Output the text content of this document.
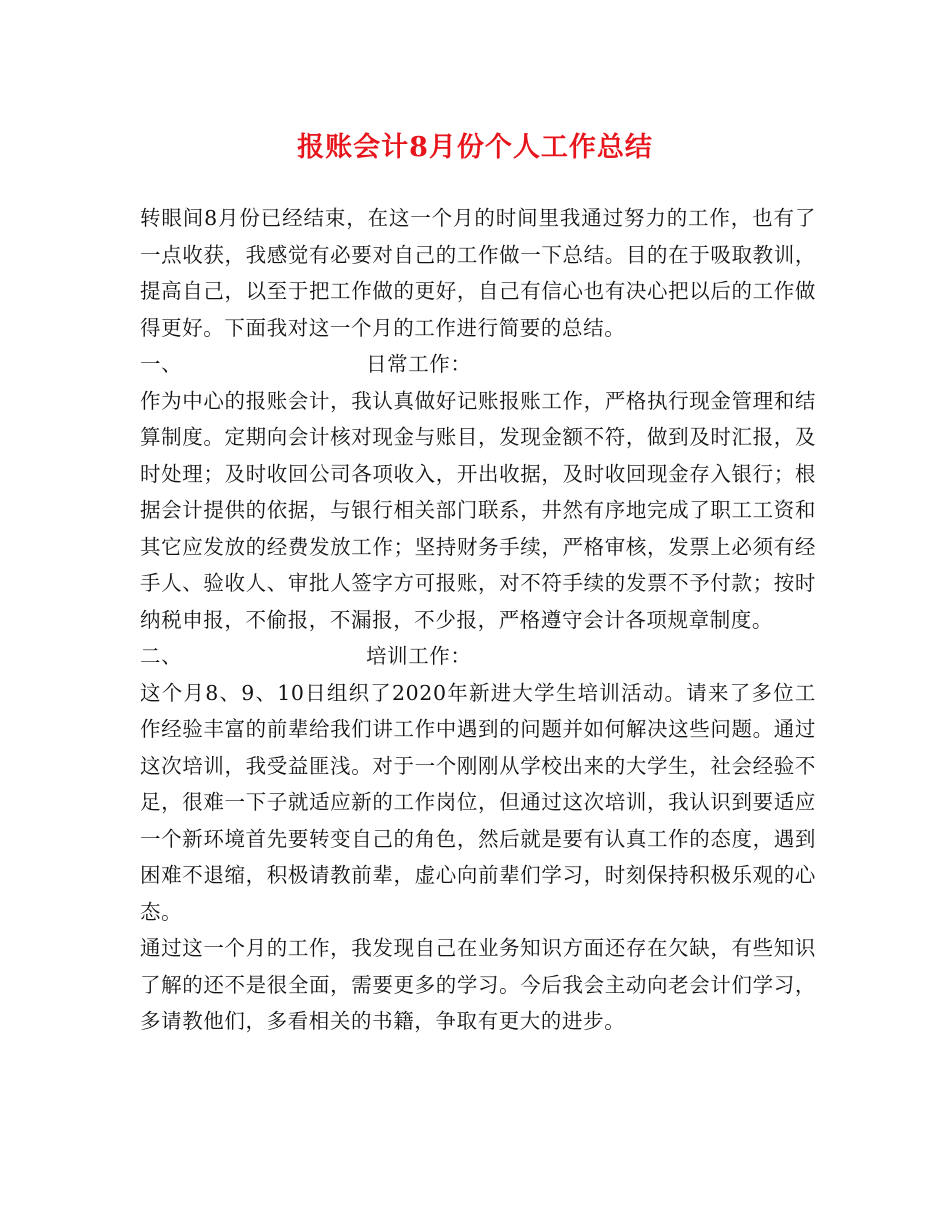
报账会计8月份个人工作总结

转眼间8月份已经结束，在这一个月的时间里我通过努力的工作，也有了一点收获，我感觉有必要对自己的工作做一下总结。目的在于吸取教训，提高自己，以至于把工作做的更好，自己有信心也有决心把以后的工作做得更好。下面我对这一个月的工作进行简要的总结。

一、	日常工作：

作为中心的报账会计，我认真做好记账报账工作，严格执行现金管理和结算制度。定期向会计核对现金与账目，发现金额不符，做到及时汇报，及时处理；及时收回公司各项收入，开出收据，及时收回现金存入银行；根据会计提供的依据，与银行相关部门联系，井然有序地完成了职工工资和其它应发放的经费发放工作；坚持财务手续，严格审核，发票上必须有经手人、验收人、审批人签字方可报账，对不符手续的发票不予付款；按时纳税申报，不偷报，不漏报，不少报，严格遵守会计各项规章制度。

二、	培训工作：

这个月8、9、10日组织了2020年新进大学生培训活动。请来了多位工作经验丰富的前辈给我们讲工作中遇到的问题并如何解决这些问题。通过这次培训，我受益匪浅。对于一个刚刚从学校出来的大学生，社会经验不足，很难一下子就适应新的工作岗位，但通过这次培训，我认识到要适应一个新环境首先要转变自己的角色，然后就是要有认真工作的态度，遇到困难不退缩，积极请教前辈，虚心向前辈们学习，时刻保持积极乐观的心态。

通过这一个月的工作，我发现自己在业务知识方面还存在欠缺，有些知识了解的还不是很全面，需要更多的学习。今后我会主动向老会计们学习，多请教他们，多看相关的书籍，争取有更大的进步。
